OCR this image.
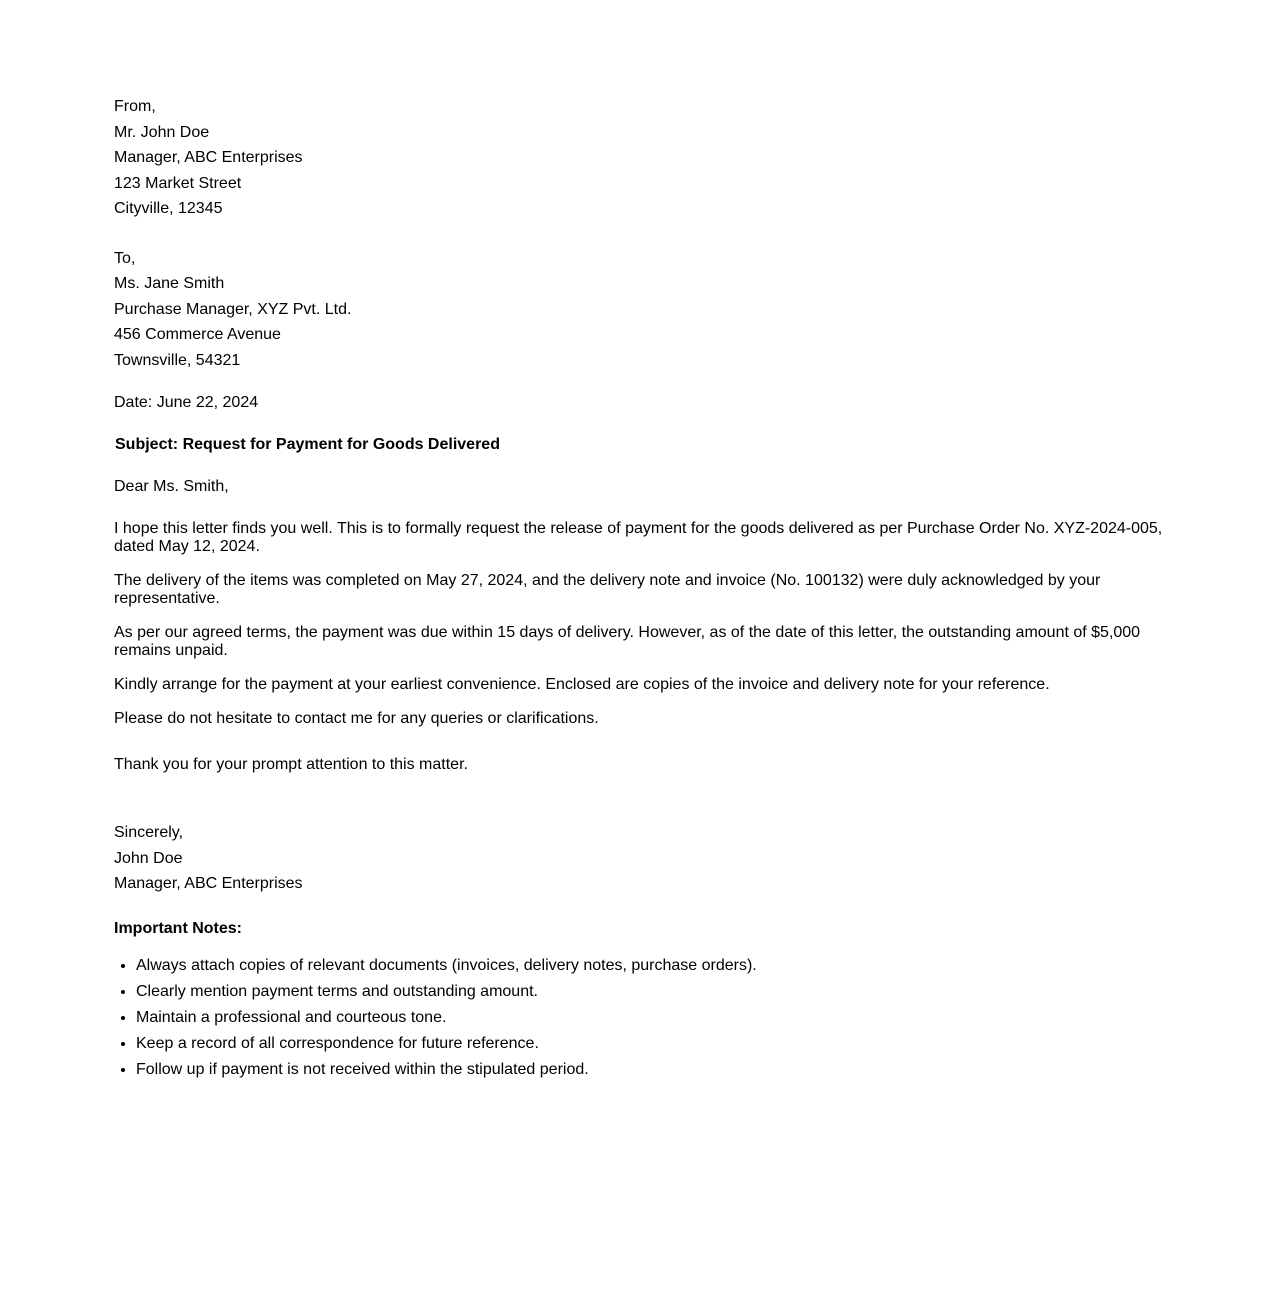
From,
Mr. John Doe
Manager, ABC Enterprises
123 Market Street
Cityville, 12345
To,
Ms. Jane Smith
Purchase Manager, XYZ Pvt. Ltd.
456 Commerce Avenue
Townsville, 54321
Date: June 22, 2024
Subject: Request for Payment for Goods Delivered
Dear Ms. Smith,

I hope this letter finds you well. This is to formally request the release of payment for the goods delivered as per Purchase Order No. XYZ-2024-005, dated May 12, 2024.

The delivery of the items was completed on May 27, 2024, and the delivery note and invoice (No. 100132) were duly acknowledged by your representative.

As per our agreed terms, the payment was due within 15 days of delivery. However, as of the date of this letter, the outstanding amount of $5,000 remains unpaid.

Kindly arrange for the payment at your earliest convenience. Enclosed are copies of the invoice and delivery note for your reference.

Please do not hesitate to contact me for any queries or clarifications.

Thank you for your prompt attention to this matter.

Sincerely,
John Doe
Manager, ABC Enterprises
Important Notes:
• Always attach copies of relevant documents (invoices, delivery notes, purchase orders).
• Clearly mention payment terms and outstanding amount.
• Maintain a professional and courteous tone.
• Keep a record of all correspondence for future reference.
• Follow up if payment is not received within the stipulated period.
